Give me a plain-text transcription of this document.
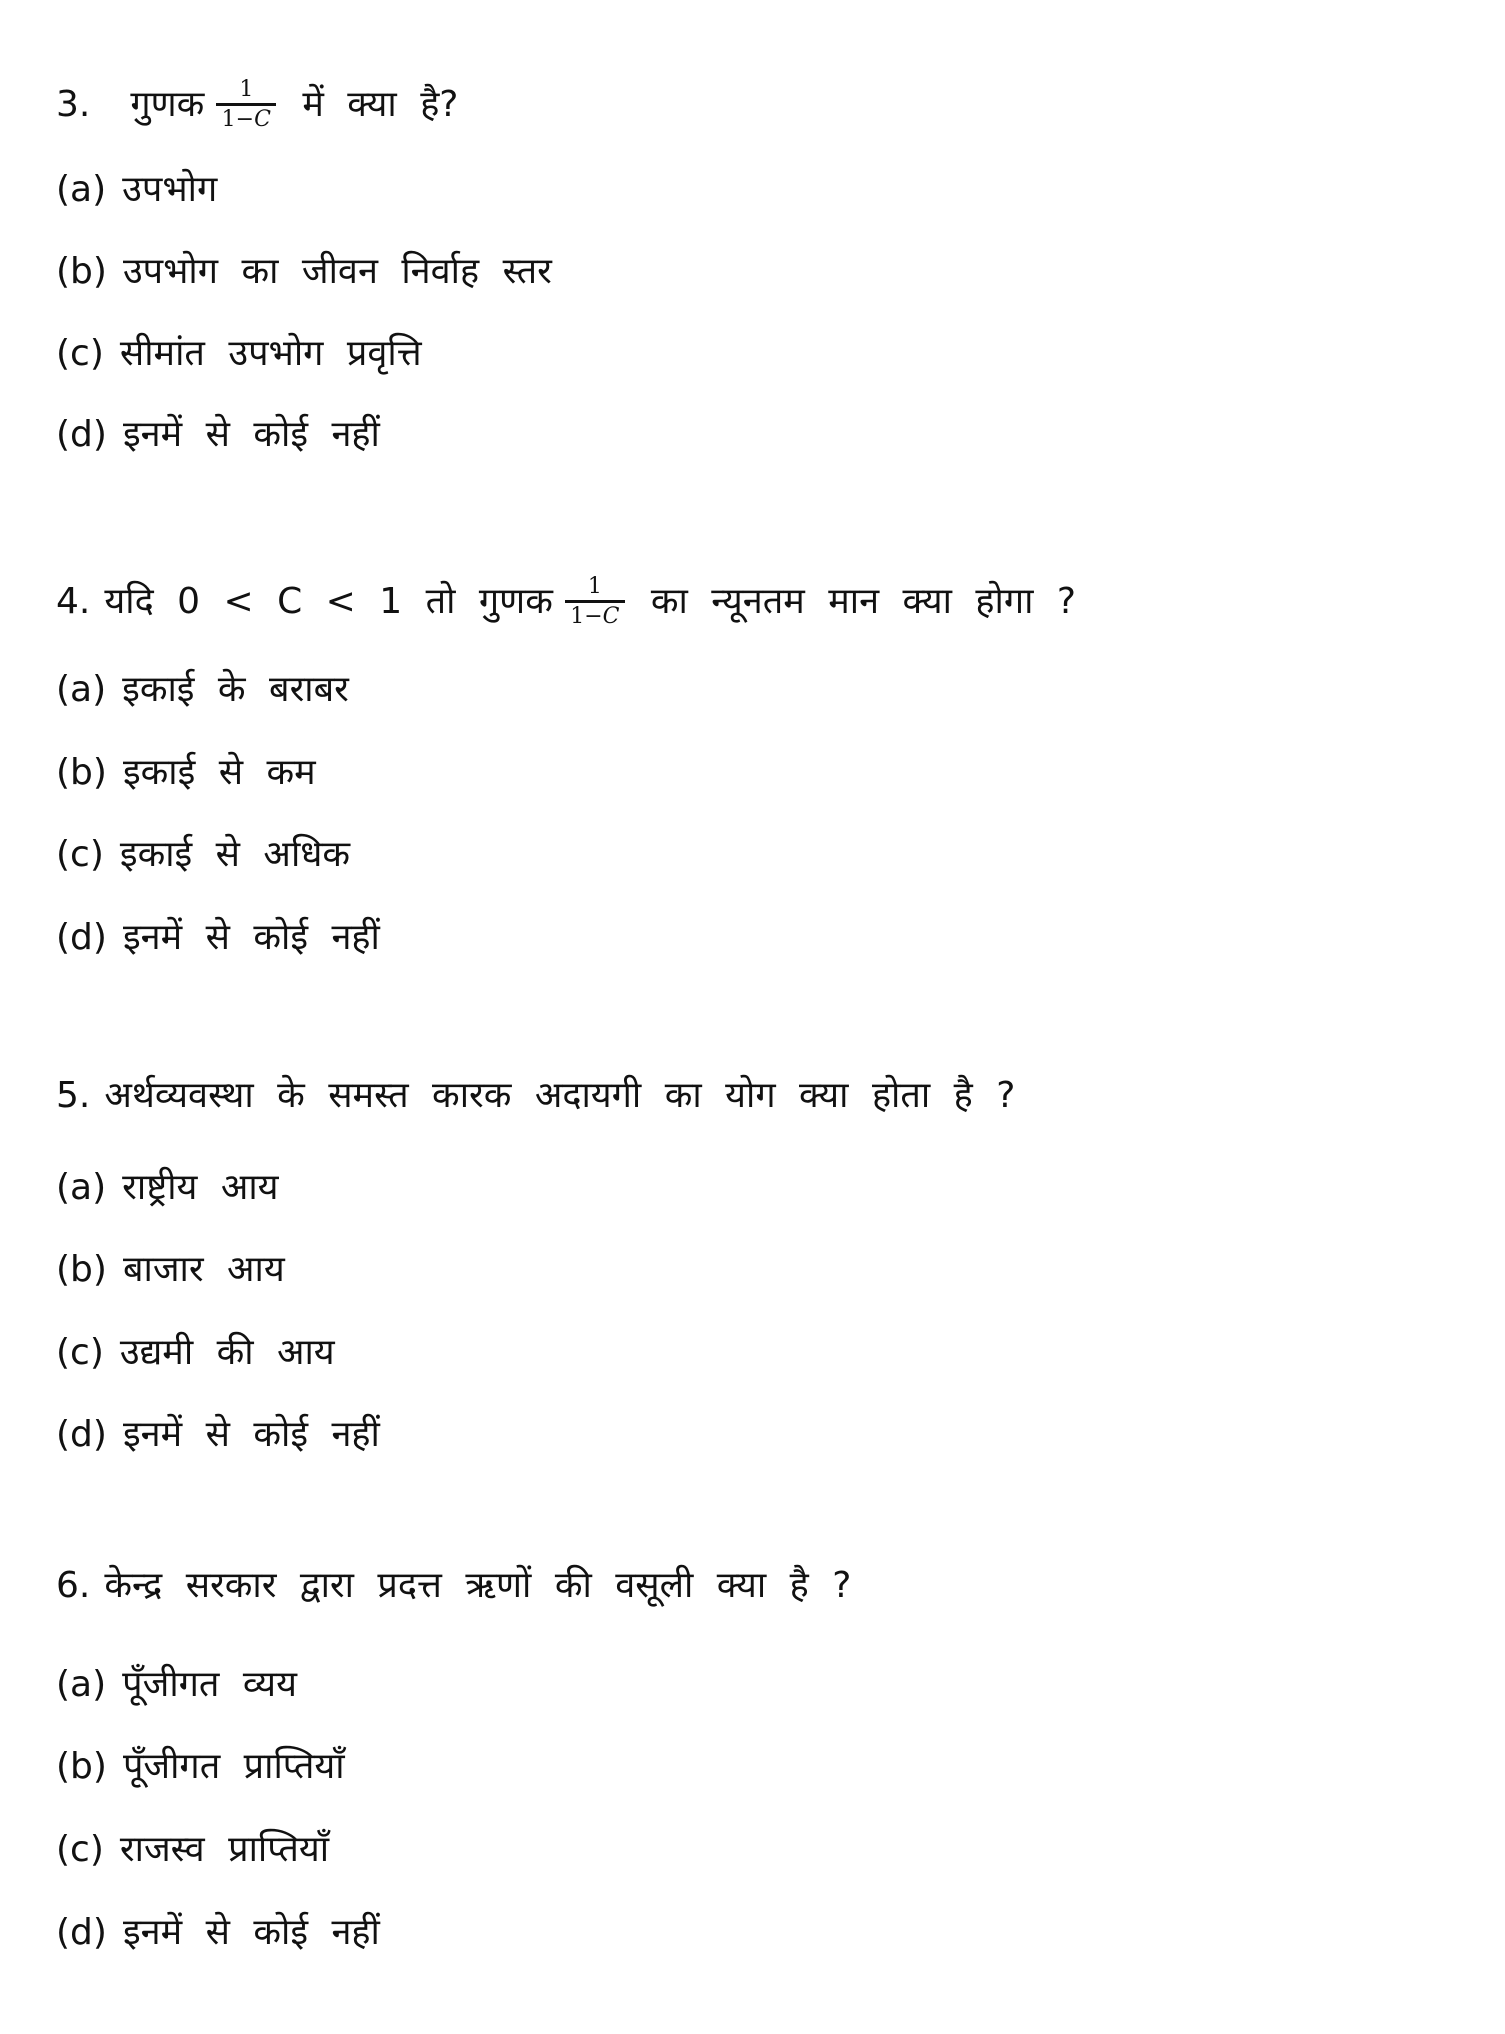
3. गुणक $\frac{1}{1-C}$ में क्या है?
(a) उपभोग
(b) उपभोग का जीवन निर्वाह स्तर
(c) सीमांत उपभोग प्रवृत्ति
(d) इनमें से कोई नहीं
4. यदि 0 < C < 1 तो गुणक $\frac{1}{1-C}$ का न्यूनतम मान क्या होगा ?
(a) इकाई के बराबर
(b) इकाई से कम
(c) इकाई से अधिक
(d) इनमें से कोई नहीं
5. अर्थव्यवस्था के समस्त कारक अदायगी का योग क्या होता है ?
(a) राष्ट्रीय आय
(b) बाजार आय
(c) उद्यमी की आय
(d) इनमें से कोई नहीं
6. केन्द्र सरकार द्वारा प्रदत्त ऋणों की वसूली क्या है ?
(a) पूँजीगत व्यय
(b) पूँजीगत प्राप्तियाँ
(c) राजस्व प्राप्तियाँ
(d) इनमें से कोई नहीं
